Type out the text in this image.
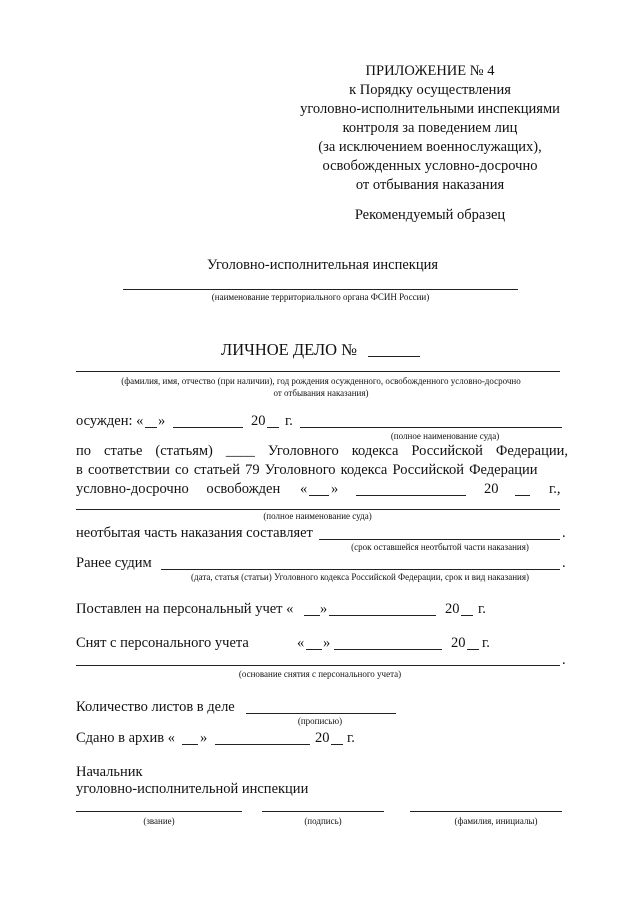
ПРИЛОЖЕНИЕ № 4
к Порядку осуществления
уголовно-исполнительными инспекциями
контроля за поведением лиц
(за исключением военнослужащих),
освобожденных условно-досрочно
от отбывания наказания
Рекомендуемый образец
Уголовно-исполнительная инспекция
(наименование территориального органа ФСИН России)
ЛИЧНОЕ ДЕЛО №
(фамилия, имя, отчество (при наличии), год рождения осужденного, освобожденного условно-досрочно
от отбывания наказания)
осужден: « »	20 г.
(полное наименование суда)
по статье (статьям) ____ Уголовного кодекса Российской Федерации,
в соответствии со статьей 79 Уголовного кодекса Российской Федерации
условно-досрочно освобожден « »	20	г.,
(полное наименование суда)
неотбытая часть наказания составляет	.
(срок оставшейся неотбытой части наказания)
Ранее судим	.
(дата, статья (статьи) Уголовного кодекса Российской Федерации, срок и вид наказания)
Поставлен на персональный учет « »	20 г.
Снят с персонального учета	« »	20 г.
.
(основание снятия с персонального учета)
Количество листов в деле
(прописью)
Сдано в архив « »	20 г.
Начальник
уголовно-исполнительной инспекции
(звание)	(подпись)	(фамилия, инициалы)
